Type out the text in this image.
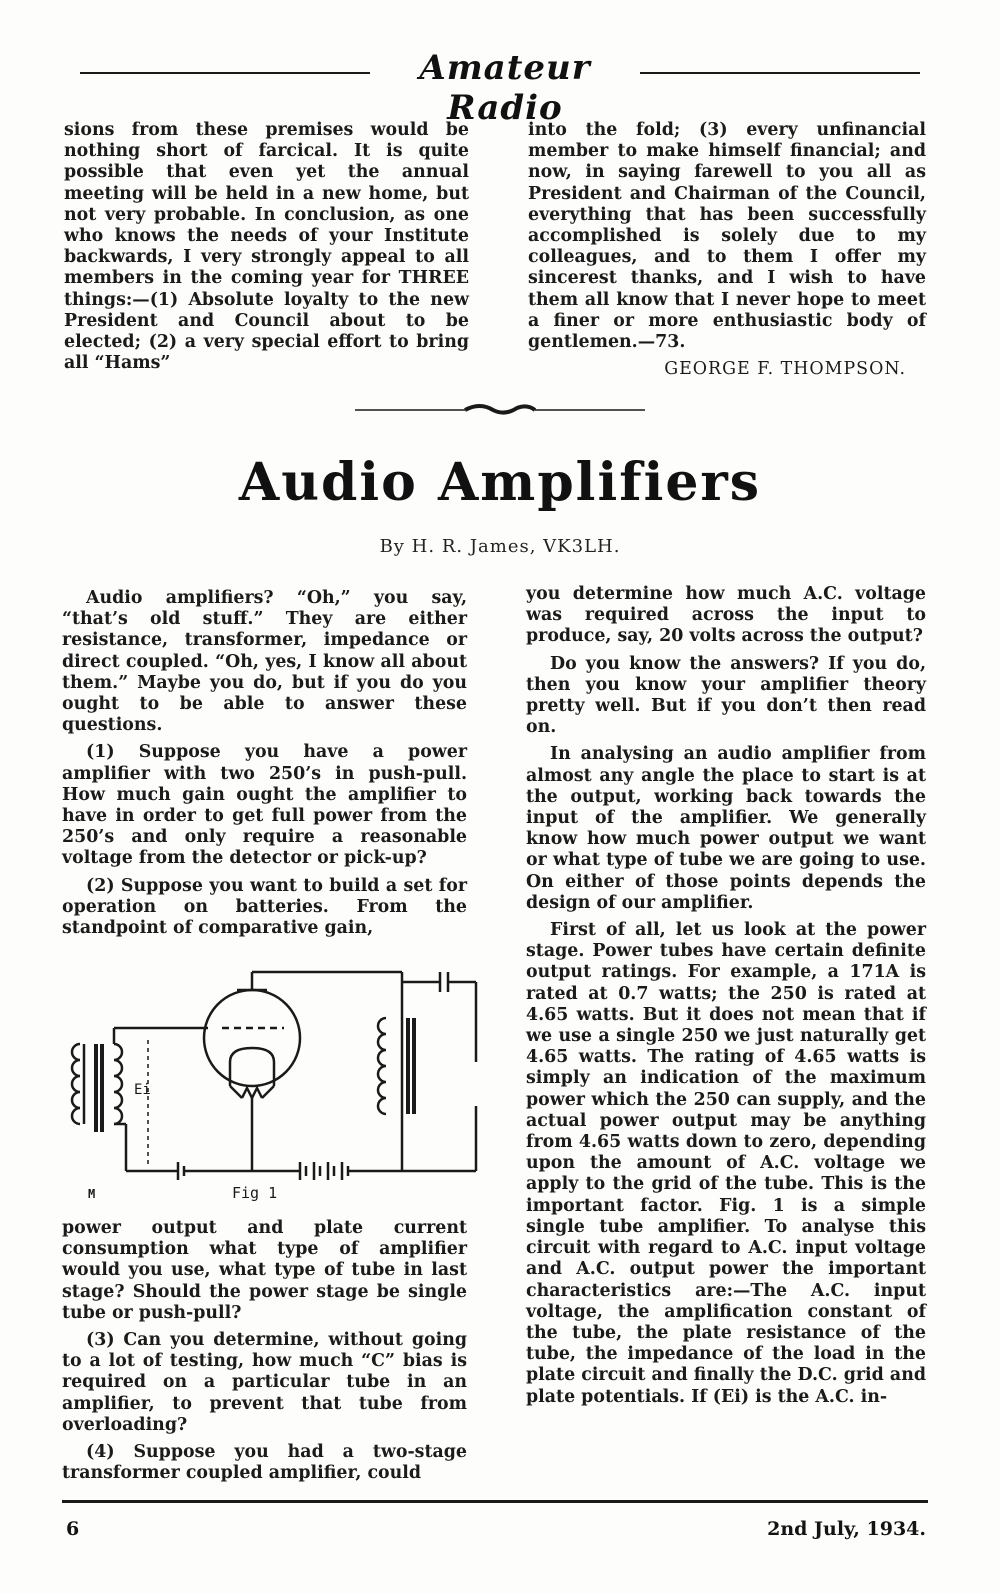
Amateur Radio

sions from these premises would be nothing short of farcical. It is quite possible that even yet the annual meeting will be held in a new home, but not very probable. In conclusion, as one who knows the needs of your Institute backwards, I very strongly appeal to all members in the coming year for THREE things:—(1) Absolute loyalty to the new President and Council about to be elected; (2) a very special effort to bring all “Hams”

into the fold; (3) every unfinancial member to make himself financial; and now, in saying farewell to you all as President and Chairman of the Council, everything that has been successfully accomplished is solely due to my colleagues, and to them I offer my sincerest thanks, and I wish to have them all know that I never hope to meet a finer or more enthusiastic body of gentlemen.—73.

GEORGE F. THOMPSON.
Audio Amplifiers
By H. R. James, VK3LH.

Audio amplifiers? “Oh,” you say, “that’s old stuff.” They are either resistance, transformer, impedance or direct coupled. “Oh, yes, I know all about them.” Maybe you do, but if you do you ought to be able to answer these questions.

(1) Suppose you have a power amplifier with two 250’s in push-pull. How much gain ought the amplifier to have in order to get full power from the 250’s and only require a reasonable voltage from the detector or pick-up?

(2) Suppose you want to build a set for operation on batteries. From the standpoint of comparative gain,

Ei
M	Fig 1

power output and plate current consumption what type of amplifier would you use, what type of tube in last stage? Should the power stage be single tube or push-pull?

(3) Can you determine, without going to a lot of testing, how much “C” bias is required on a particular tube in an amplifier, to prevent that tube from overloading?

(4) Suppose you had a two-stage transformer coupled amplifier, could

you determine how much A.C. voltage was required across the input to produce, say, 20 volts across the output?

Do you know the answers? If you do, then you know your amplifier theory pretty well. But if you don’t then read on.

In analysing an audio amplifier from almost any angle the place to start is at the output, working back towards the input of the amplifier. We generally know how much power output we want or what type of tube we are going to use. On either of those points depends the design of our amplifier.

First of all, let us look at the power stage. Power tubes have certain definite output ratings. For example, a 171A is rated at 0.7 watts; the 250 is rated at 4.65 watts. But it does not mean that if we use a single 250 we just naturally get 4.65 watts. The rating of 4.65 watts is simply an indication of the maximum power which the 250 can supply, and the actual power output may be anything from 4.65 watts down to zero, depending upon the amount of A.C. voltage we apply to the grid of the tube. This is the important factor. Fig. 1 is a simple single tube amplifier. To analyse this circuit with regard to A.C. input voltage and A.C. output power the important characteristics are:—The A.C. input voltage, the amplification constant of the tube, the plate resistance of the tube, the impedance of the load in the plate circuit and finally the D.C. grid and plate potentials. If (Ei) is the A.C. in-

6	2nd July, 1934.
